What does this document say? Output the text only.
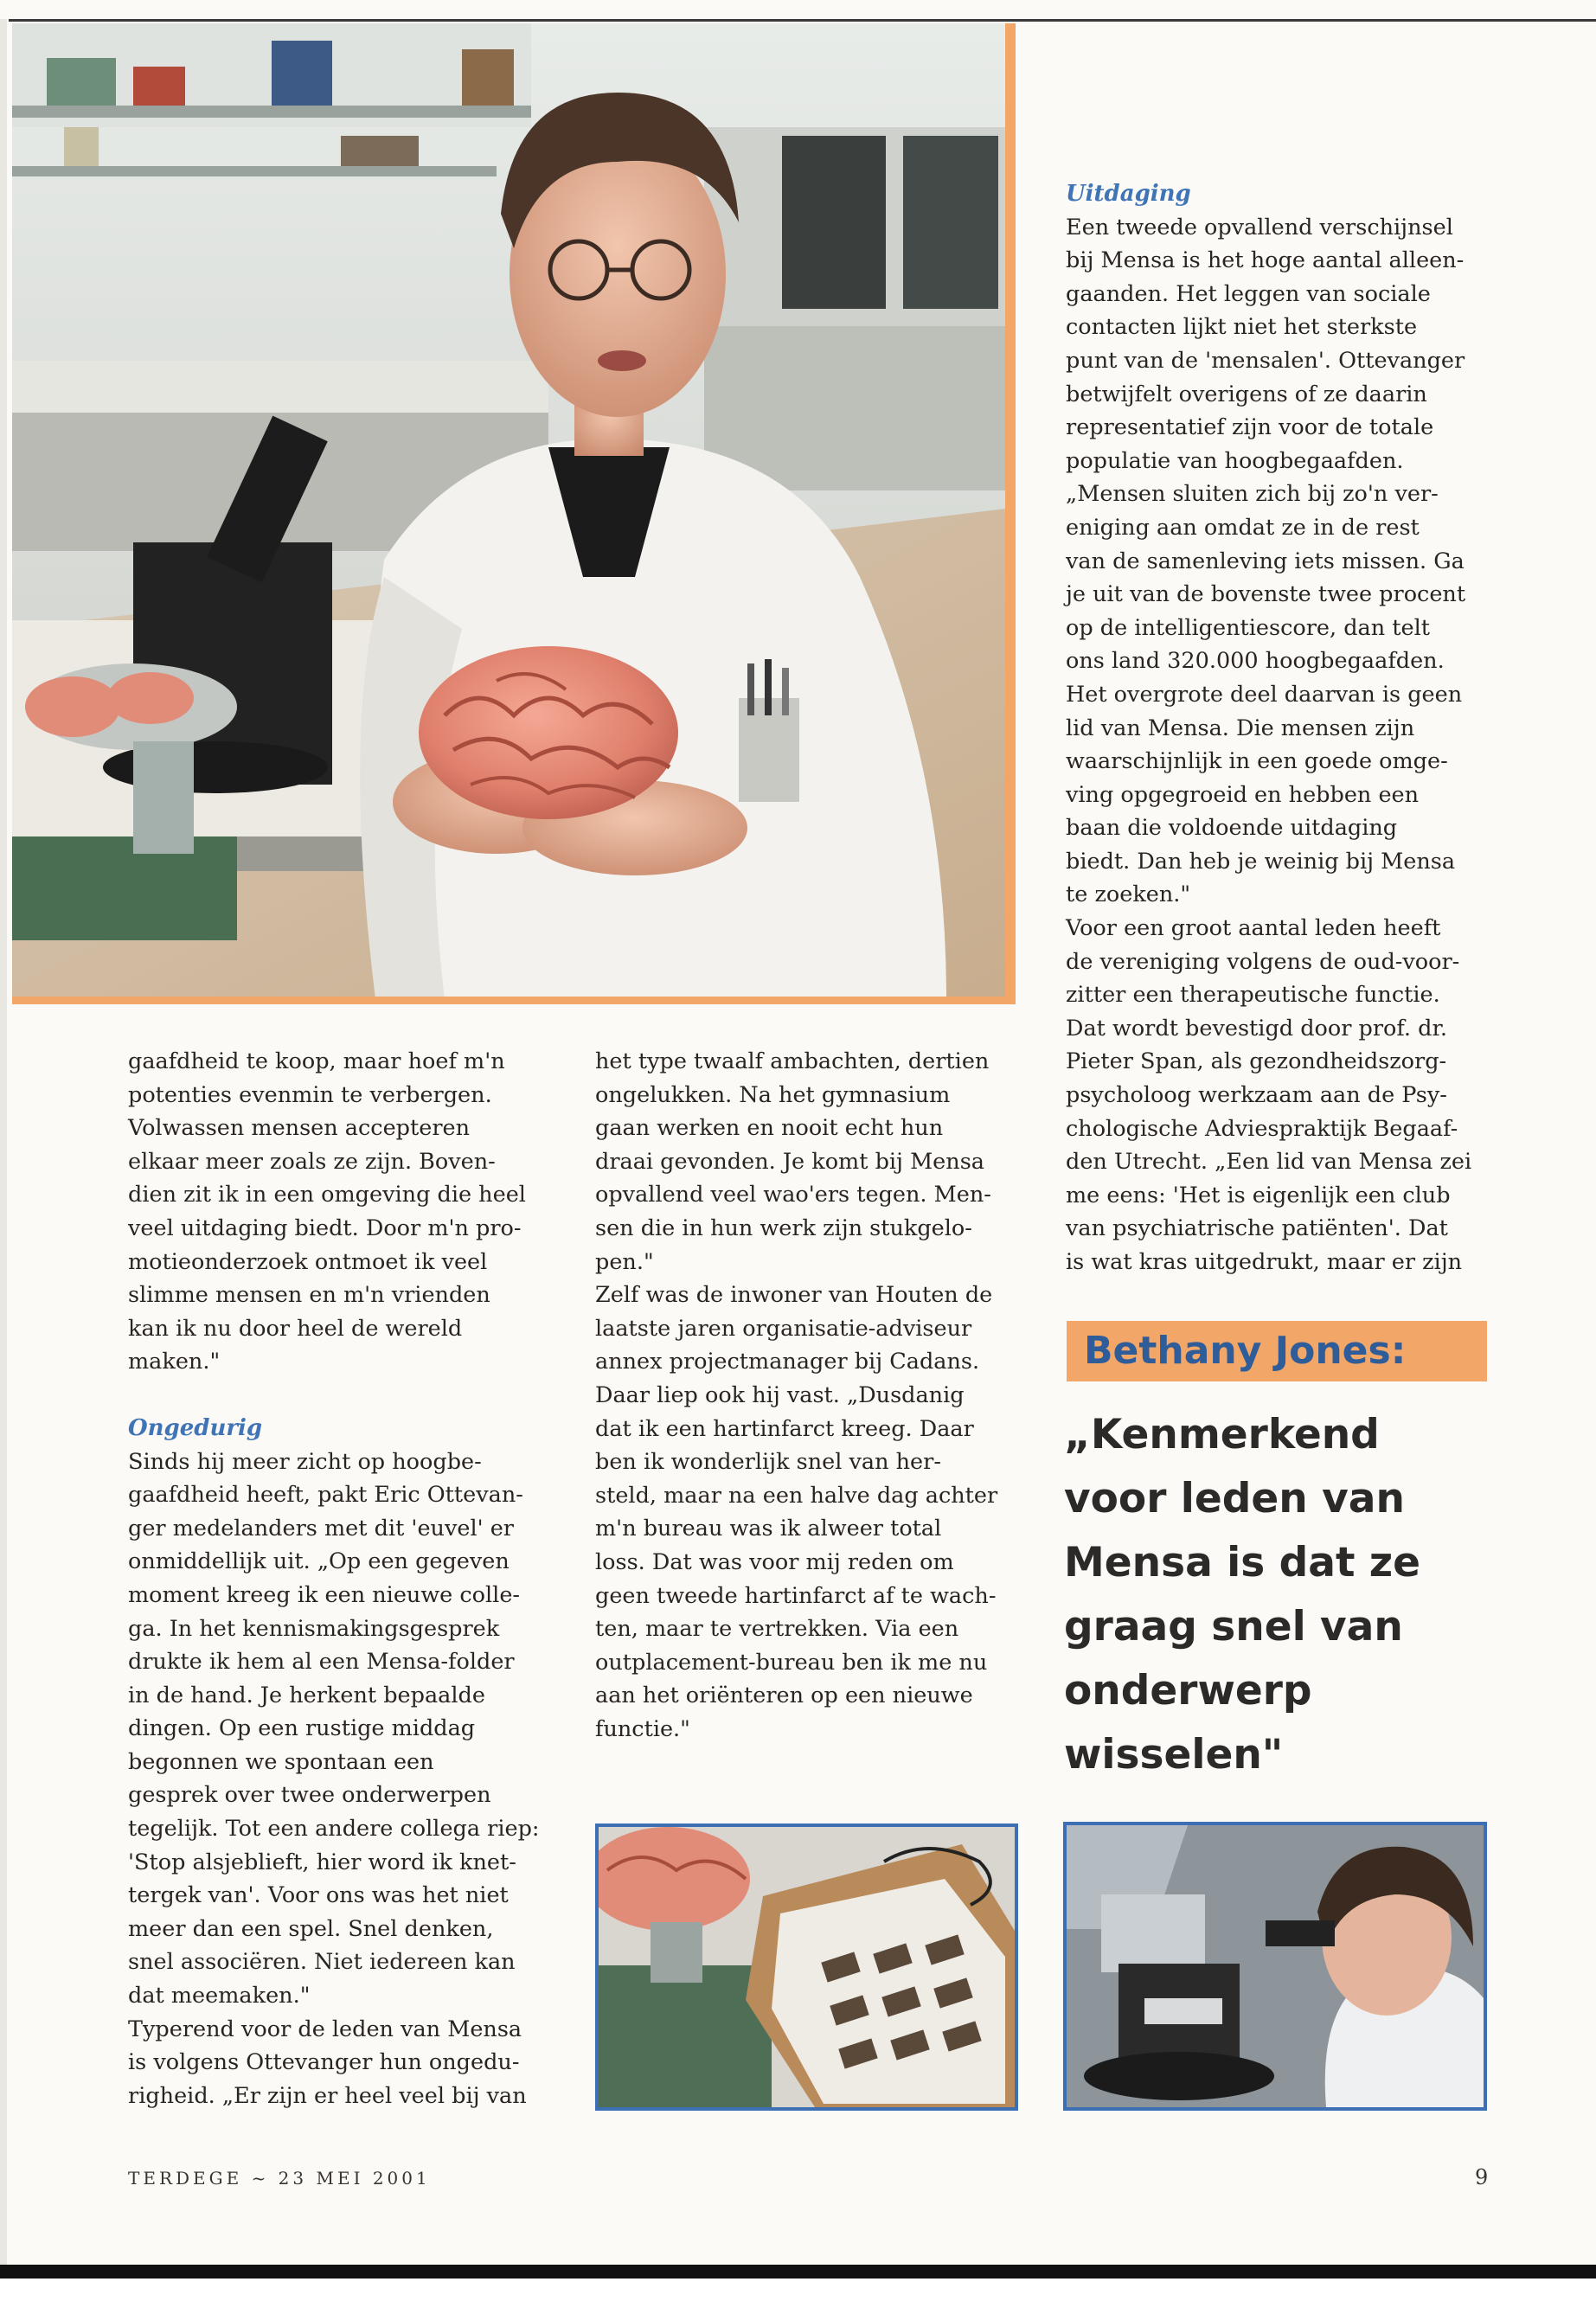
gaafdheid te koop, maar hoef m'n
potenties evenmin te verbergen.
Volwassen mensen accepteren
elkaar meer zoals ze zijn. Boven-
dien zit ik in een omgeving die heel
veel uitdaging biedt. Door m'n pro-
motieonderzoek ontmoet ik veel
slimme mensen en m'n vrienden
kan ik nu door heel de wereld
maken."

Ongedurig

Sinds hij meer zicht op hoogbe-
gaafdheid heeft, pakt Eric Ottevan-
ger medelanders met dit 'euvel' er
onmiddellijk uit. „Op een gegeven
moment kreeg ik een nieuwe colle-
ga. In het kennismakingsgesprek
drukte ik hem al een Mensa-folder
in de hand. Je herkent bepaalde
dingen. Op een rustige middag
begonnen we spontaan een
gesprek over twee onderwerpen
tegelijk. Tot een andere collega riep:
'Stop alsjeblieft, hier word ik knet-
tergek van'. Voor ons was het niet
meer dan een spel. Snel denken,
snel associëren. Niet iedereen kan
dat meemaken."

Typerend voor de leden van Mensa
is volgens Ottevanger hun ongedu-
righeid. „Er zijn er heel veel bij van

het type twaalf ambachten, dertien
ongelukken. Na het gymnasium
gaan werken en nooit echt hun
draai gevonden. Je komt bij Mensa
opvallend veel wao'ers tegen. Men-
sen die in hun werk zijn stukgelo-
pen."

Zelf was de inwoner van Houten de
laatste jaren organisatie-adviseur
annex projectmanager bij Cadans.
Daar liep ook hij vast. „Dusdanig
dat ik een hartinfarct kreeg. Daar
ben ik wonderlijk snel van her-
steld, maar na een halve dag achter
m'n bureau was ik alweer total
loss. Dat was voor mij reden om
geen tweede hartinfarct af te wach-
ten, maar te vertrekken. Via een
outplacement-bureau ben ik me nu
aan het oriënteren op een nieuwe
functie."

Uitdaging

Een tweede opvallend verschijnsel
bij Mensa is het hoge aantal alleen-
gaanden. Het leggen van sociale
contacten lijkt niet het sterkste
punt van de 'mensalen'. Ottevanger
betwijfelt overigens of ze daarin
representatief zijn voor de totale
populatie van hoogbegaafden.
„Mensen sluiten zich bij zo'n ver-
eniging aan omdat ze in de rest
van de samenleving iets missen. Ga
je uit van de bovenste twee procent
op de intelligentiescore, dan telt
ons land 320.000 hoogbegaafden.
Het overgrote deel daarvan is geen
lid van Mensa. Die mensen zijn
waarschijnlijk in een goede omge-
ving opgegroeid en hebben een
baan die voldoende uitdaging
biedt. Dan heb je weinig bij Mensa
te zoeken."

Voor een groot aantal leden heeft
de vereniging volgens de oud-voor-
zitter een therapeutische functie.
Dat wordt bevestigd door prof. dr.
Pieter Span, als gezondheidszorg-
psycholoog werkzaam aan de Psy-
chologische Adviespraktijk Begaaf-
den Utrecht. „Een lid van Mensa zei
me eens: 'Het is eigenlijk een club
van psychiatrische patiënten'. Dat
is wat kras uitgedrukt, maar er zijn

Bethany Jones:
„Kenmerkend
voor leden van
Mensa is dat ze
graag snel van
onderwerp
wisselen"
TERDEGE ~ 23 MEI 2001	9
